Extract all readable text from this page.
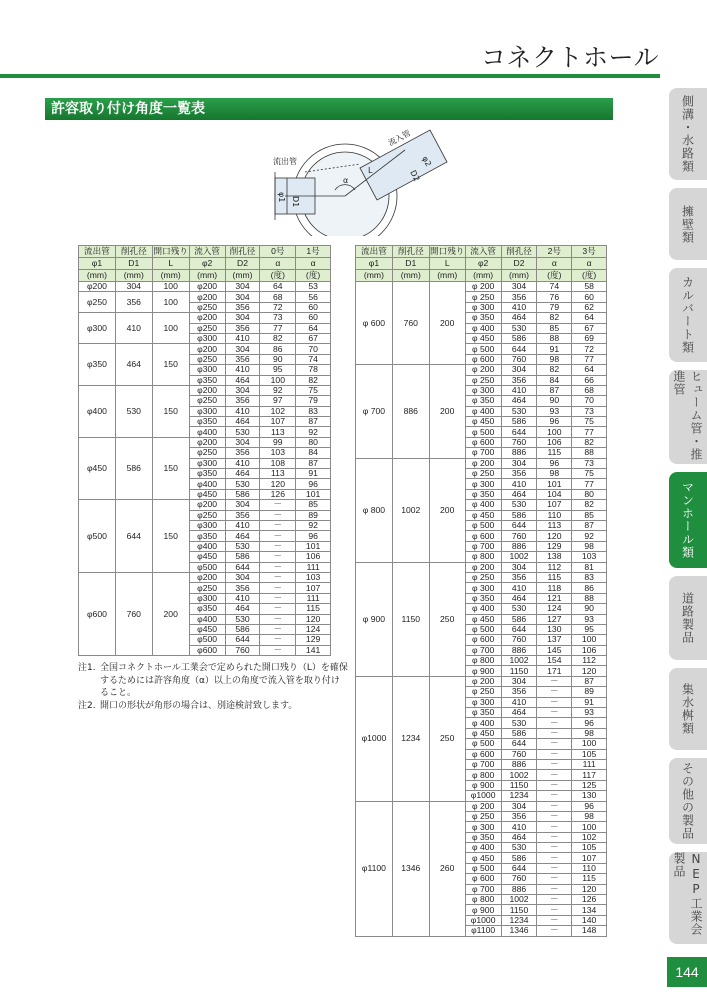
コネクトホール
許容取り付け角度一覧表
流入管
流出管
D2
φ2
L
α
D1
φ1
流出管	削孔径	開口残り	流入管	削孔径	0号	1号
φ1	D1	L	φ2	D2	α	α
(mm)	(mm)	(mm)	(mm)	(mm)	(度)	(度)
φ200	304	100	φ200	304	64	53
φ250	356	100	φ200	304	68	56
			φ250	356	72	60
φ300	410	100	φ200	304	73	60
			φ250	356	77	64
			φ300	410	82	67
φ350	464	150	φ200	304	86	70
			φ250	356	90	74
			φ300	410	95	78
			φ350	464	100	82
φ400	530	150	φ200	304	92	75
			φ250	356	97	79
			φ300	410	102	83
			φ350	464	107	87
			φ400	530	113	92
φ450	586	150	φ200	304	99	80
			φ250	356	103	84
			φ300	410	108	87
			φ350	464	113	91
			φ400	530	120	96
			φ450	586	126	101
φ500	644	150	φ200	304	－	85
			φ250	356	－	89
			φ300	410	－	92
			φ350	464	－	96
			φ400	530	－	101
			φ450	586	－	106
			φ500	644	－	111
φ600	760	200	φ200	304	－	103
			φ250	356	－	107
			φ300	410	－	111
			φ350	464	－	115
			φ400	530	－	120
			φ450	586	－	124
			φ500	644	－	129
			φ600	760	－	141
流出管	削孔径	開口残り	流入管	削孔径	2号	3号
φ1	D1	L	φ2	D2	α	α
(mm)	(mm)	(mm)	(mm)	(mm)	(度)	(度)
φ 600	760	200	φ 200	304	74	58
			φ 250	356	76	60
			φ 300	410	79	62
			φ 350	464	82	64
			φ 400	530	85	67
			φ 450	586	88	69
			φ 500	644	91	72
			φ 600	760	98	77
φ 700	886	200	φ 200	304	82	64
			φ 250	356	84	66
			φ 300	410	87	68
			φ 350	464	90	70
			φ 400	530	93	73
			φ 450	586	96	75
			φ 500	644	100	77
			φ 600	760	106	82
			φ 700	886	115	88
φ 800	1002	200	φ 200	304	96	73
			φ 250	356	98	75
			φ 300	410	101	77
			φ 350	464	104	80
			φ 400	530	107	82
			φ 450	586	110	85
			φ 500	644	113	87
			φ 600	760	120	92
			φ 700	886	129	98
			φ 800	1002	138	103
φ 900	1150	250	φ 200	304	112	81
			φ 250	356	115	83
			φ 300	410	118	86
			φ 350	464	121	88
			φ 400	530	124	90
			φ 450	586	127	93
			φ 500	644	130	95
			φ 600	760	137	100
			φ 700	886	145	106
			φ 800	1002	154	112
			φ 900	1150	171	120
φ1000	1234	250	φ 200	304	－	87
			φ 250	356	－	89
			φ 300	410	－	91
			φ 350	464	－	93
			φ 400	530	－	96
			φ 450	586	－	98
			φ 500	644	－	100
			φ 600	760	－	105
			φ 700	886	－	111
			φ 800	1002	－	117
			φ 900	1150	－	125
			φ1000	1234	－	130
φ1100	1346	260	φ 200	304	－	96
			φ 250	356	－	98
			φ 300	410	－	100
			φ 350	464	－	102
			φ 400	530	－	105
			φ 450	586	－	107
			φ 500	644	－	110
			φ 600	760	－	115
			φ 700	886	－	120
			φ 800	1002	－	126
			φ 900	1150	－	134
			φ1000	1234	－	140
			φ1100	1346	－	148
注1. 全国コネクトホール工業会で定められた開口残り（L）を確保するためには許容角度（α）以上の角度で流入管を取り付けること。
注2. 開口の形状が角形の場合は、別途検討致します。
側溝・水路類
擁壁類
カルバート類
ヒューム管・推進管
マンホール類
道路製品
集水桝類
その他の製品
NEP工業会製品
144
